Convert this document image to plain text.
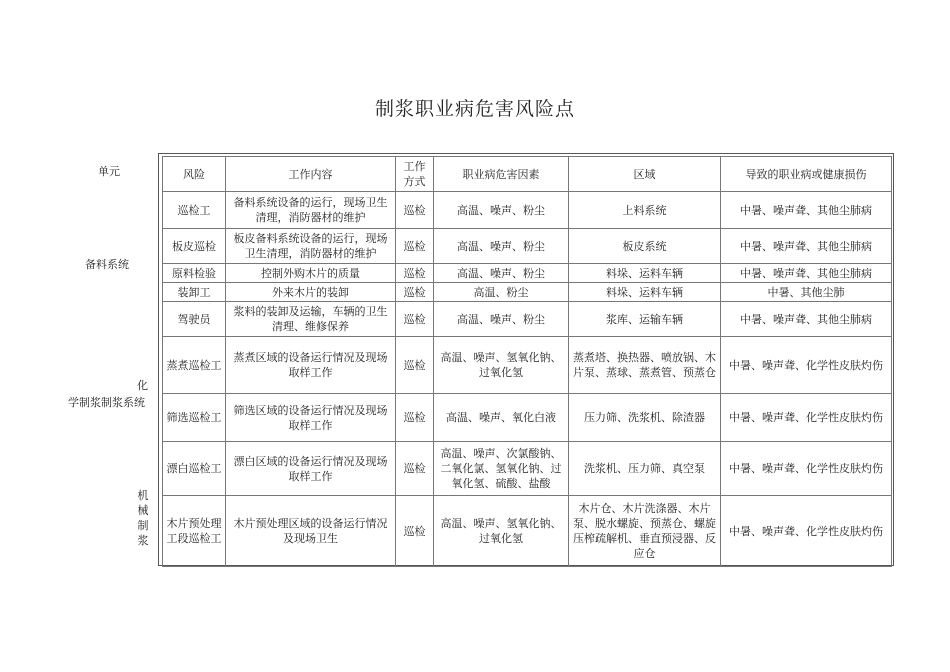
制浆职业病危害风险点
单元
备料系统
化
学制浆制浆系统
机械制浆
风险	工作内容	工作方式	职业病危害因素	区域	导致的职业病或健康损伤
巡检工	备料系统设备的运行，现场卫生清理，消防器材的维护	巡检	高温、噪声、粉尘	上料系统	中暑、噪声聋、其他尘肺病
板皮巡检	板皮备料系统设备的运行，现场卫生清理，消防器材的维护	巡检	高温、噪声、粉尘	板皮系统	中暑、噪声聋、其他尘肺病
原料检验	控制外购木片的质量	巡检	高温、噪声、粉尘	料垛、运料车辆	中暑、噪声聋、其他尘肺病
装卸工	外来木片的装卸	巡检	高温、粉尘	料垛、运料车辆	中暑、其他尘肺
驾驶员	浆料的装卸及运输，车辆的卫生清理、维修保养	巡检	高温、噪声、粉尘	浆库、运输车辆	中暑、噪声聋、其他尘肺病
蒸煮巡检工	蒸煮区域的设备运行情况及现场取样工作	巡检	高温、噪声、氢氧化钠、过氧化氢	蒸煮塔、换热器、喷放锅、木片泵、蒸球、蒸煮管、预蒸仓	中暑、噪声聋、化学性皮肤灼伤
筛选巡检工	筛选区域的设备运行情况及现场取样工作	巡检	高温、噪声、氧化白液	压力筛、洗浆机、除渣器	中暑、噪声聋、化学性皮肤灼伤
漂白巡检工	漂白区域的设备运行情况及现场取样工作	巡检	高温、噪声、次氯酸钠、二氧化氯、氢氧化钠、过氧化氢、硫酸、盐酸	洗浆机、压力筛、真空泵	中暑、噪声聋、化学性皮肤灼伤
木片预处理工段巡检工	木片预处理区域的设备运行情况及现场卫生	巡检	高温、噪声、氢氧化钠、过氧化氢	木片仓、木片洗涤器、木片泵、脱水螺旋、预蒸仓、螺旋压榨疏解机、垂直预浸器、反应仓	中暑、噪声聋、化学性皮肤灼伤
